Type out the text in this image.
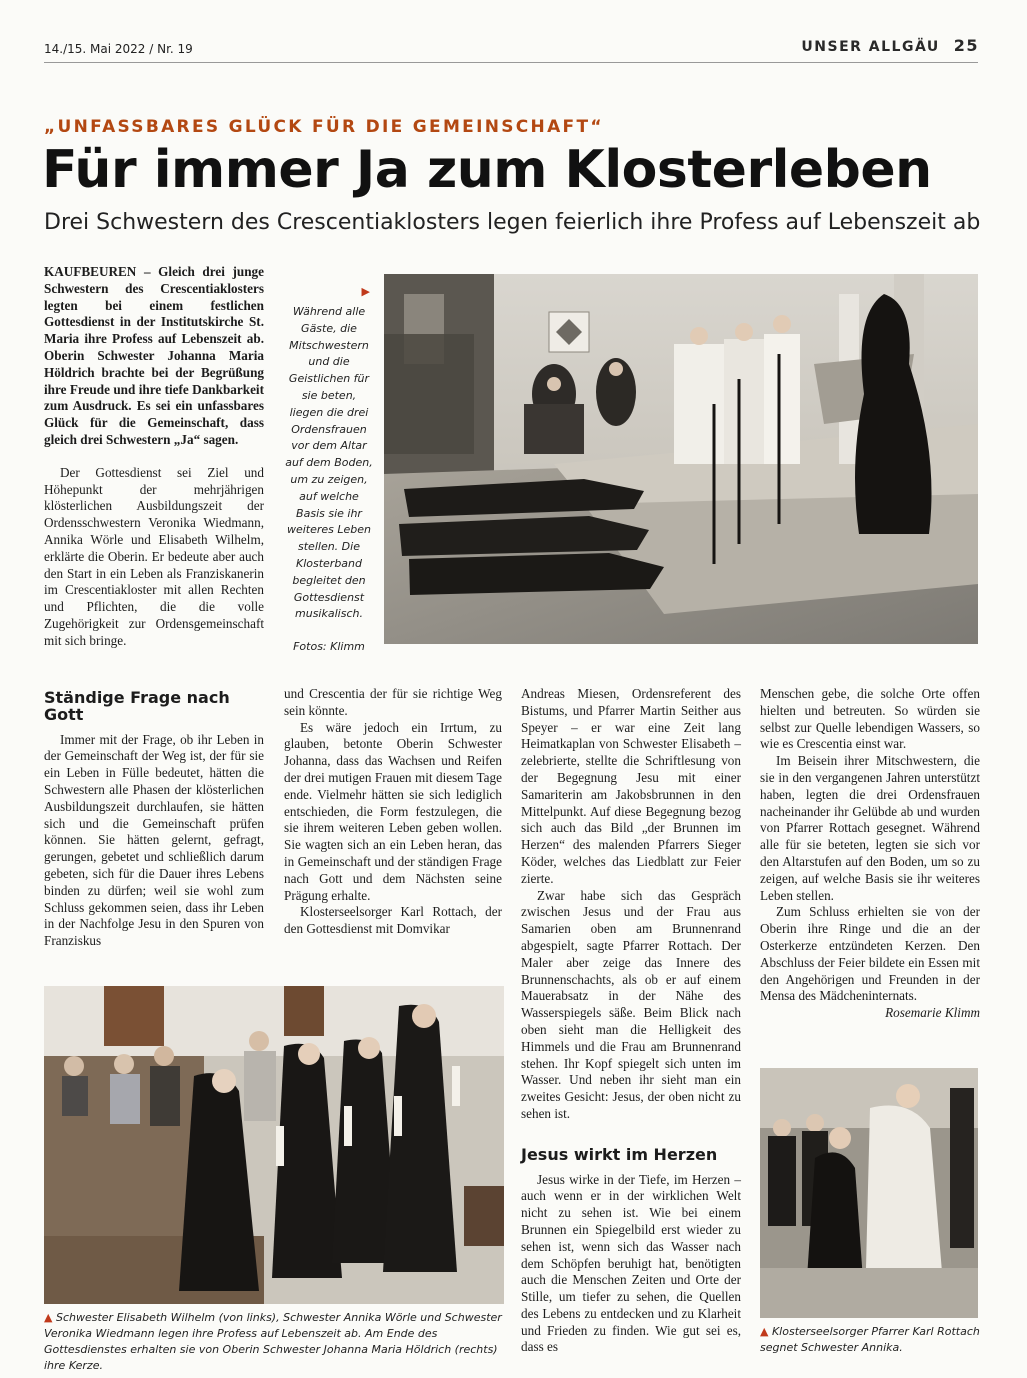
14./15. Mai 2022 / Nr. 19	UNSER ALLGÄU 25
„UNFASSBARES GLÜCK FÜR DIE GEMEINSCHAFT“
Für immer Ja zum Klosterleben
Drei Schwestern des Crescentiaklosters legen feierlich ihre Profess auf Lebenszeit ab

KAUFBEUREN – Gleich drei junge Schwestern des Crescentiaklosters legten bei einem festlichen Gottesdienst in der Institutskirche St. Maria ihre Profess auf Lebenszeit ab. Oberin Schwester Johanna Maria Höldrich brachte bei der Begrüßung ihre Freude und ihre tiefe Dankbarkeit zum Ausdruck. Es sei ein unfassbares Glück für die Gemeinschaft, dass gleich drei Schwestern „Ja“ sagen.

Der Gottesdienst sei Ziel und Höhepunkt der mehrjährigen klösterlichen Ausbildungszeit der Ordensschwestern Veronika Wiedmann, Annika Wörle und Elisabeth Wilhelm, erklärte die Oberin. Er bedeute aber auch den Start in ein Leben als Franziskanerin im Crescentiakloster mit allen Rechten und Pflichten, die die volle Zugehörigkeit zur Ordensgemeinschaft mit sich bringe.

▶
Während alle Gäste, die Mitschwestern und die Geistlichen für sie beten, liegen die drei Ordensfrauen vor dem Altar auf dem Boden, um zu zeigen, auf welche Basis sie ihr weiteres Leben stellen. Die Klosterband begleitet den Gottesdienst musikalisch.
Fotos: Klimm
Ständige Frage nach Gott

Immer mit der Frage, ob ihr Leben in der Gemeinschaft der Weg ist, der für sie ein Leben in Fülle bedeutet, hätten die Schwestern alle Phasen der klösterlichen Ausbildungszeit durchlaufen, sie hätten sich und die Gemeinschaft prüfen können. Sie hätten gelernt, gefragt, gerungen, gebetet und schließlich darum gebeten, sich für die Dauer ihres Lebens binden zu dürfen; weil sie wohl zum Schluss gekommen seien, dass ihr Leben in der Nachfolge Jesu in den Spuren von Franziskus

und Crescentia der für sie richtige Weg sein könnte.

Es wäre jedoch ein Irrtum, zu glauben, betonte Oberin Schwester Johanna, dass das Wachsen und Reifen der drei mutigen Frauen mit diesem Tage ende. Vielmehr hätten sie sich lediglich entschieden, die Form festzulegen, die sie ihrem weiteren Leben geben wollen. Sie wagten sich an ein Leben heran, das in Gemeinschaft und der ständigen Frage nach Gott und dem Nächsten seine Prägung erhalte.

Klosterseelsorger Karl Rottach, der den Gottesdienst mit Domvikar

Andreas Miesen, Ordensreferent des Bistums, und Pfarrer Martin Seither aus Speyer – er war eine Zeit lang Heimatkaplan von Schwester Elisabeth – zelebrierte, stellte die Schriftlesung von der Begegnung Jesu mit einer Samariterin am Jakobsbrunnen in den Mittelpunkt. Auf diese Begegnung bezog sich auch das Bild „der Brunnen im Herzen“ des malenden Pfarrers Sieger Köder, welches das Liedblatt zur Feier zierte.

Zwar habe sich das Gespräch zwischen Jesus und der Frau aus Samarien oben am Brunnenrand abgespielt, sagte Pfarrer Rottach. Der Maler aber zeige das Innere des Brunnenschachts, als ob er auf einem Mauerabsatz in der Nähe des Wasserspiegels säße. Beim Blick nach oben sieht man die Helligkeit des Himmels und die Frau am Brunnenrand stehen. Ihr Kopf spiegelt sich unten im Wasser. Und neben ihr sieht man ein zweites Gesicht: Jesus, der oben nicht zu sehen ist.

Jesus wirkt im Herzen

Jesus wirke in der Tiefe, im Herzen – auch wenn er in der wirklichen Welt nicht zu sehen ist. Wie bei einem Brunnen ein Spiegelbild erst wieder zu sehen ist, wenn sich das Wasser nach dem Schöpfen beruhigt hat, benötigten auch die Menschen Zeiten und Orte der Stille, um tiefer zu sehen, die Quellen des Lebens zu entdecken und zu Klarheit und Frieden zu finden. Wie gut sei es, dass es

Menschen gebe, die solche Orte offen hielten und betreuten. So würden sie selbst zur Quelle lebendigen Wassers, so wie es Crescentia einst war.

Im Beisein ihrer Mitschwestern, die sie in den vergangenen Jahren unterstützt haben, legten die drei Ordensfrauen nacheinander ihr Gelübde ab und wurden von Pfarrer Rottach gesegnet. Während alle für sie beteten, legten sie sich vor den Altarstufen auf den Boden, um so zu zeigen, auf welche Basis sie ihr weiteres Leben stellen.

Zum Schluss erhielten sie von der Oberin ihre Ringe und die an der Osterkerze entzündeten Kerzen. Den Abschluss der Feier bildete ein Essen mit den Angehörigen und Freunden in der Mensa des Mädcheninternats.

Rosemarie Klimm
▲ Schwester Elisabeth Wilhelm (von links), Schwester Annika Wörle und Schwester Veronika Wiedmann legen ihre Profess auf Lebenszeit ab. Am Ende des Gottesdienstes erhalten sie von Oberin Schwester Johanna Maria Höldrich (rechts) ihre Kerze.
▲ Klosterseelsorger Pfarrer Karl Rottach segnet Schwester Annika.
